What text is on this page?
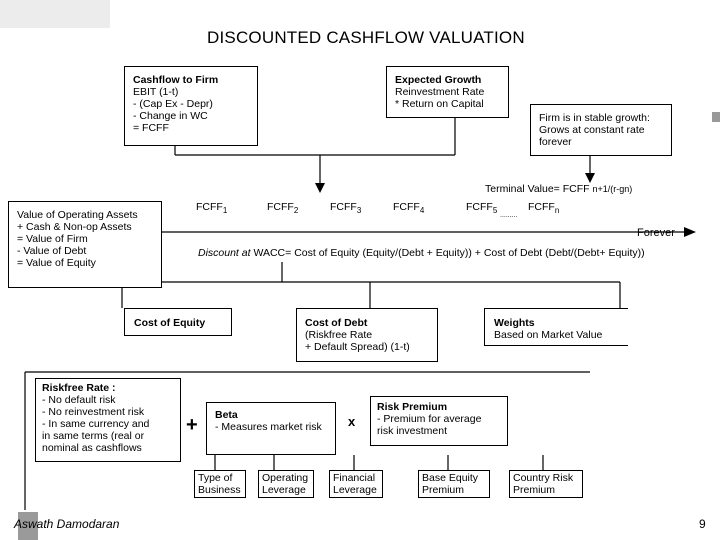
DISCOUNTED CASHFLOW VALUATION
Cashflow to Firm
EBIT (1-t)
- (Cap Ex - Depr)
- Change in WC
= FCFF
Expected Growth
Reinvestment Rate
* Return on Capital
Firm is in stable growth:
Grows at constant rate
forever
Terminal Value= FCFF n+1/(r-gn)
Value of Operating Assets
+ Cash & Non-op Assets
= Value of Firm
- Value of Debt
= Value of Equity
$FCFF_1$	$FCFF_2$	$FCFF_3$	$FCFF_4$	$FCFF_5$	$FCFF_n$
.........
Forever
Discount at WACC= Cost of Equity (Equity/(Debt + Equity)) + Cost of Debt (Debt/(Debt+ Equity))
Cost of Equity	Cost of Debt
(Riskfree Rate
+ Default Spread) (1-t)
Weights
Based on Market Value
Riskfree Rate :
- No default risk
- No reinvestment risk
- In same currency and
in same terms (real or
nominal as cashflows
+	x
Beta
- Measures market risk
Risk Premium
- Premium for average
risk investment
Type of
Business
Operating
Leverage
Financial
Leverage
Base Equity
Premium
Country Risk
Premium
Aswath Damodaran	9
